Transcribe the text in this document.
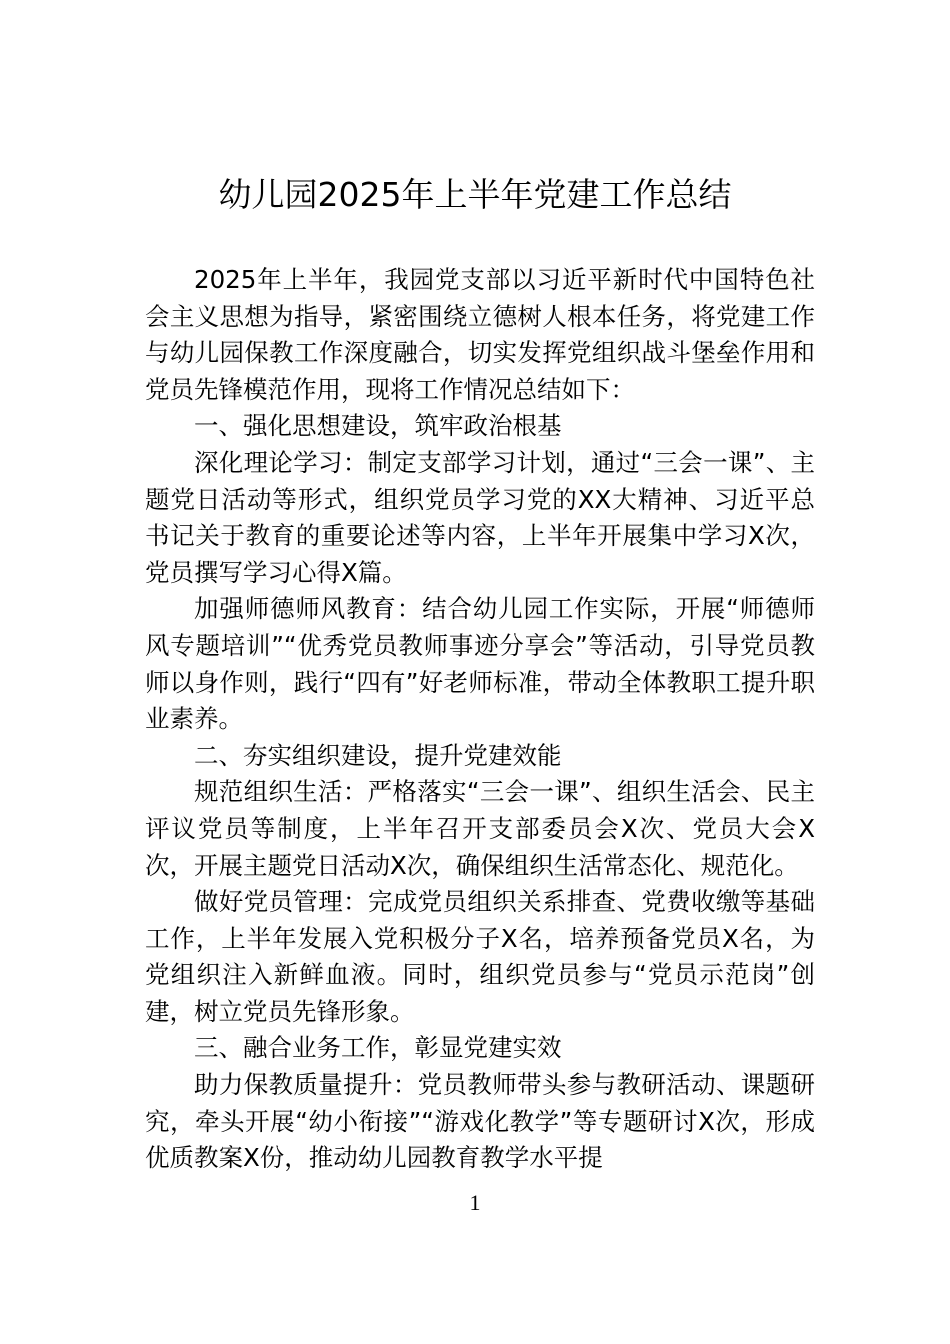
幼儿园2025年上半年党建工作总结

2025年上半年，我园党支部以习近平新时代中国特色社会主义思想为指导，紧密围绕立德树人根本任务，将党建工作与幼儿园保教工作深度融合，切实发挥党组织战斗堡垒作用和党员先锋模范作用，现将工作情况总结如下：

一、强化思想建设，筑牢政治根基

深化理论学习：制定支部学习计划，通过“三会一课”、主题党日活动等形式，组织党员学习党的XX大精神、习近平总书记关于教育的重要论述等内容，上半年开展集中学习X次，党员撰写学习心得X篇。

加强师德师风教育：结合幼儿园工作实际，开展“师德师风专题培训”“优秀党员教师事迹分享会”等活动，引导党员教师以身作则，践行“四有”好老师标准，带动全体教职工提升职业素养。

二、夯实组织建设，提升党建效能

规范组织生活：严格落实“三会一课”、组织生活会、民主评议党员等制度，上半年召开支部委员会X次、党员大会X次，开展主题党日活动X次，确保组织生活常态化、规范化。

做好党员管理：完成党员组织关系排查、党费收缴等基础工作，上半年发展入党积极分子X名，培养预备党员X名，为党组织注入新鲜血液。同时，组织党员参与“党员示范岗”创建，树立党员先锋形象。

三、融合业务工作，彰显党建实效

助力保教质量提升：党员教师带头参与教研活动、课题研究，牵头开展“幼小衔接”“游戏化教学”等专题研讨X次，形成优质教案X份，推动幼儿园教育教学水平提

1
